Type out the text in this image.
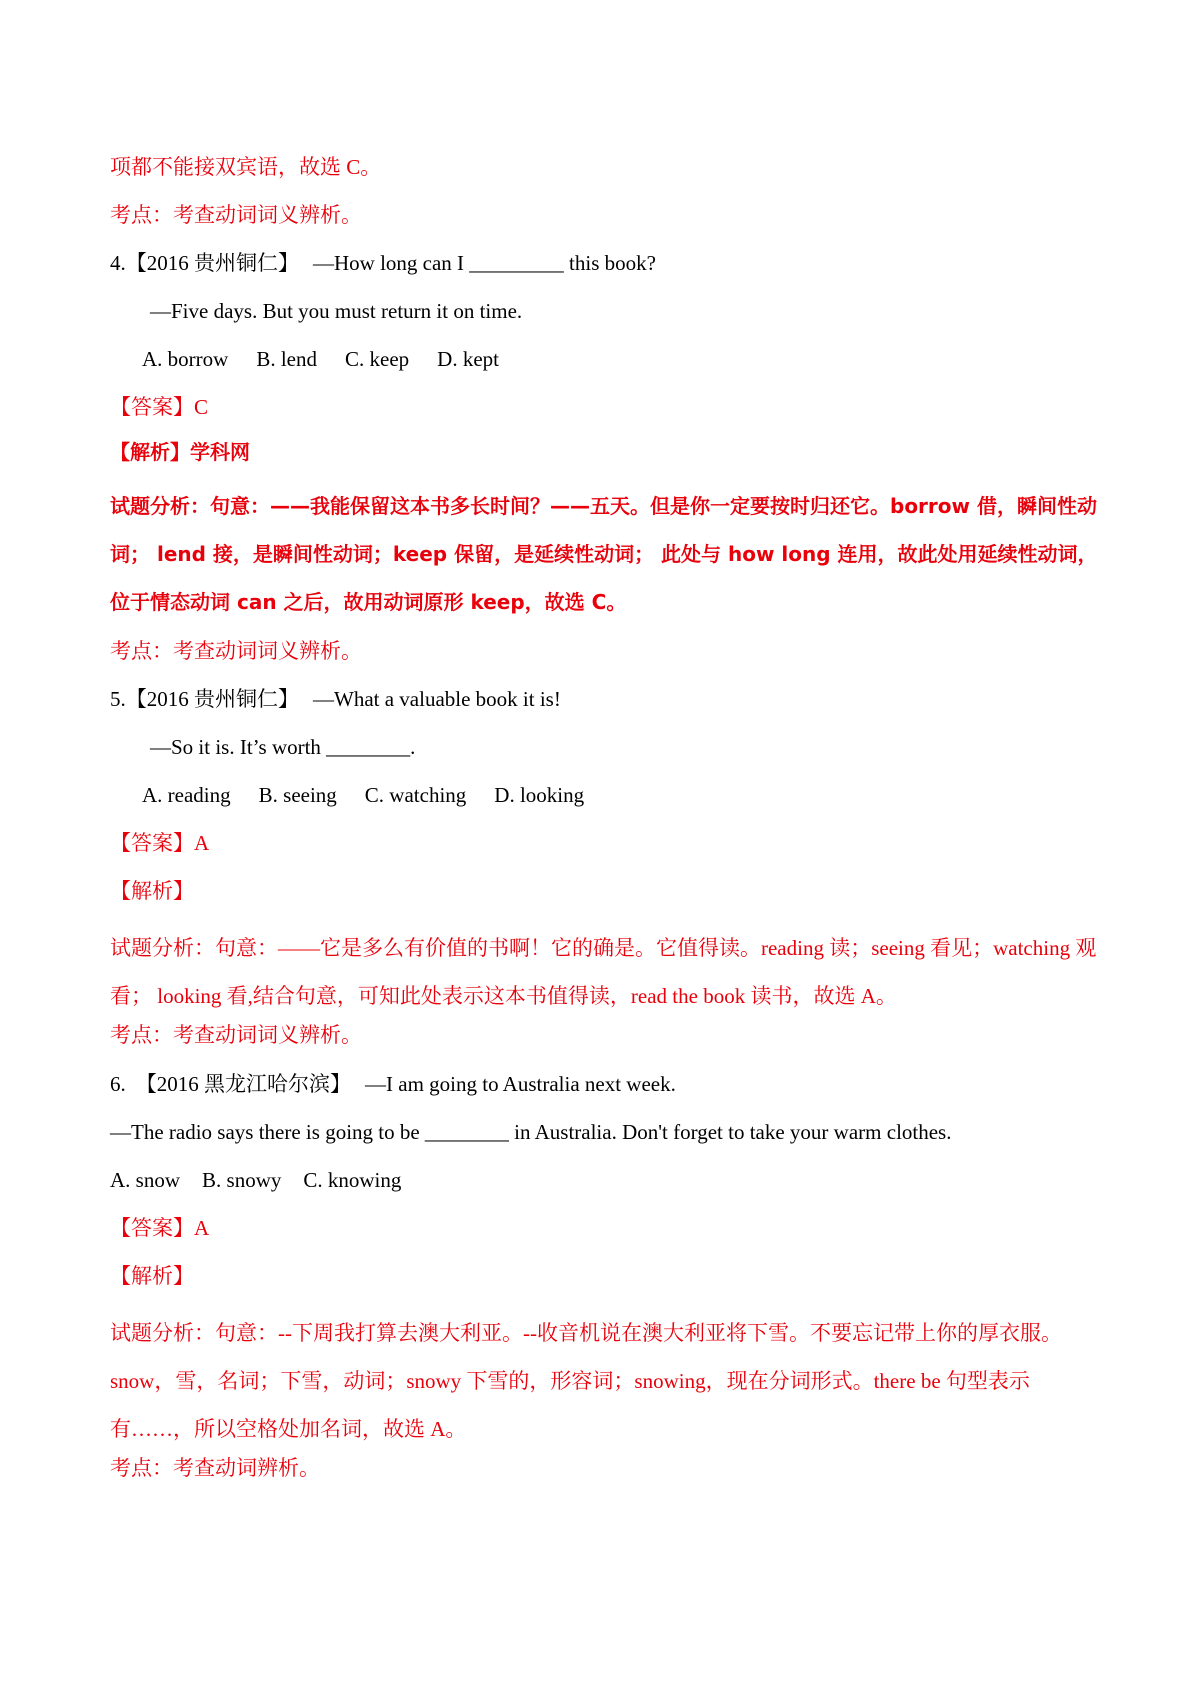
项都不能接双宾语，故选 C。
考点：考查动词词义辨析。
4.【2016 贵州铜仁】 —How long can I _________ this book?
—Five days. But you must return it on time.
A. borrow B. lend C. keep D. kept
【答案】C
【解析】学科网
试题分析：句意：——我能保留这本书多长时间？——五天。但是你一定要按时归还它。borrow 借，瞬间性动词； lend 接，是瞬间性动词；keep 保留，是延续性动词； 此处与 how long 连用，故此处用延续性动词，位于情态动词 can 之后，故用动词原形 keep，故选 C。
考点：考查动词词义辨析。
5.【2016 贵州铜仁】 —What a valuable book it is!
—So it is. It’s worth ________.
A. reading B. seeing C. watching D. looking
【答案】A
【解析】
试题分析：句意：——它是多么有价值的书啊！它的确是。它值得读。reading 读；seeing 看见；watching 观看； looking 看,结合句意，可知此处表示这本书值得读，read the book 读书，故选 A。
考点：考查动词词义辨析。
6. 【2016 黑龙江哈尔滨】 —I am going to Australia next week.
—The radio says there is going to be ________ in Australia. Don't forget to take your warm clothes.
A. snow B. snowy C. knowing
【答案】A
【解析】
试题分析：句意：--下周我打算去澳大利亚。--收音机说在澳大利亚将下雪。不要忘记带上你的厚衣服。snow，雪，名词；下雪，动词；snowy 下雪的，形容词；snowing，现在分词形式。there be 句型表示有……，所以空格处加名词，故选 A。
考点：考查动词辨析。
